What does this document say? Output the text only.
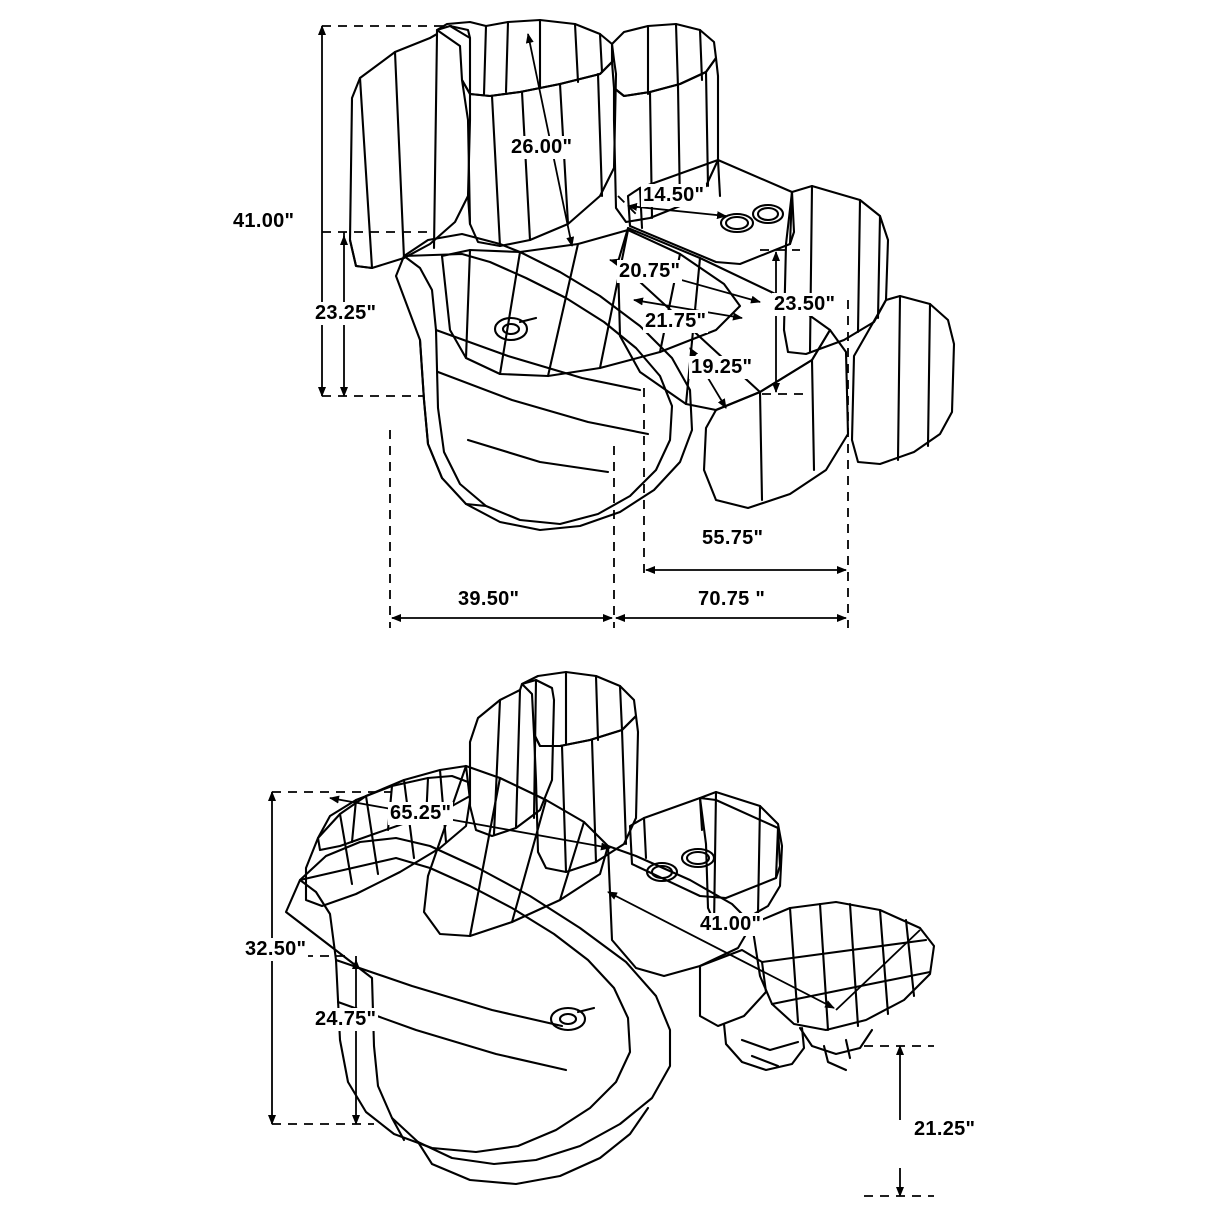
41.00"
26.00"
14.50"
23.25"
20.75"
21.75"
23.50"
19.25"
55.75"
39.50"	70.75 "
65.25"
32.50"
24.75"
41.00"
21.25"
